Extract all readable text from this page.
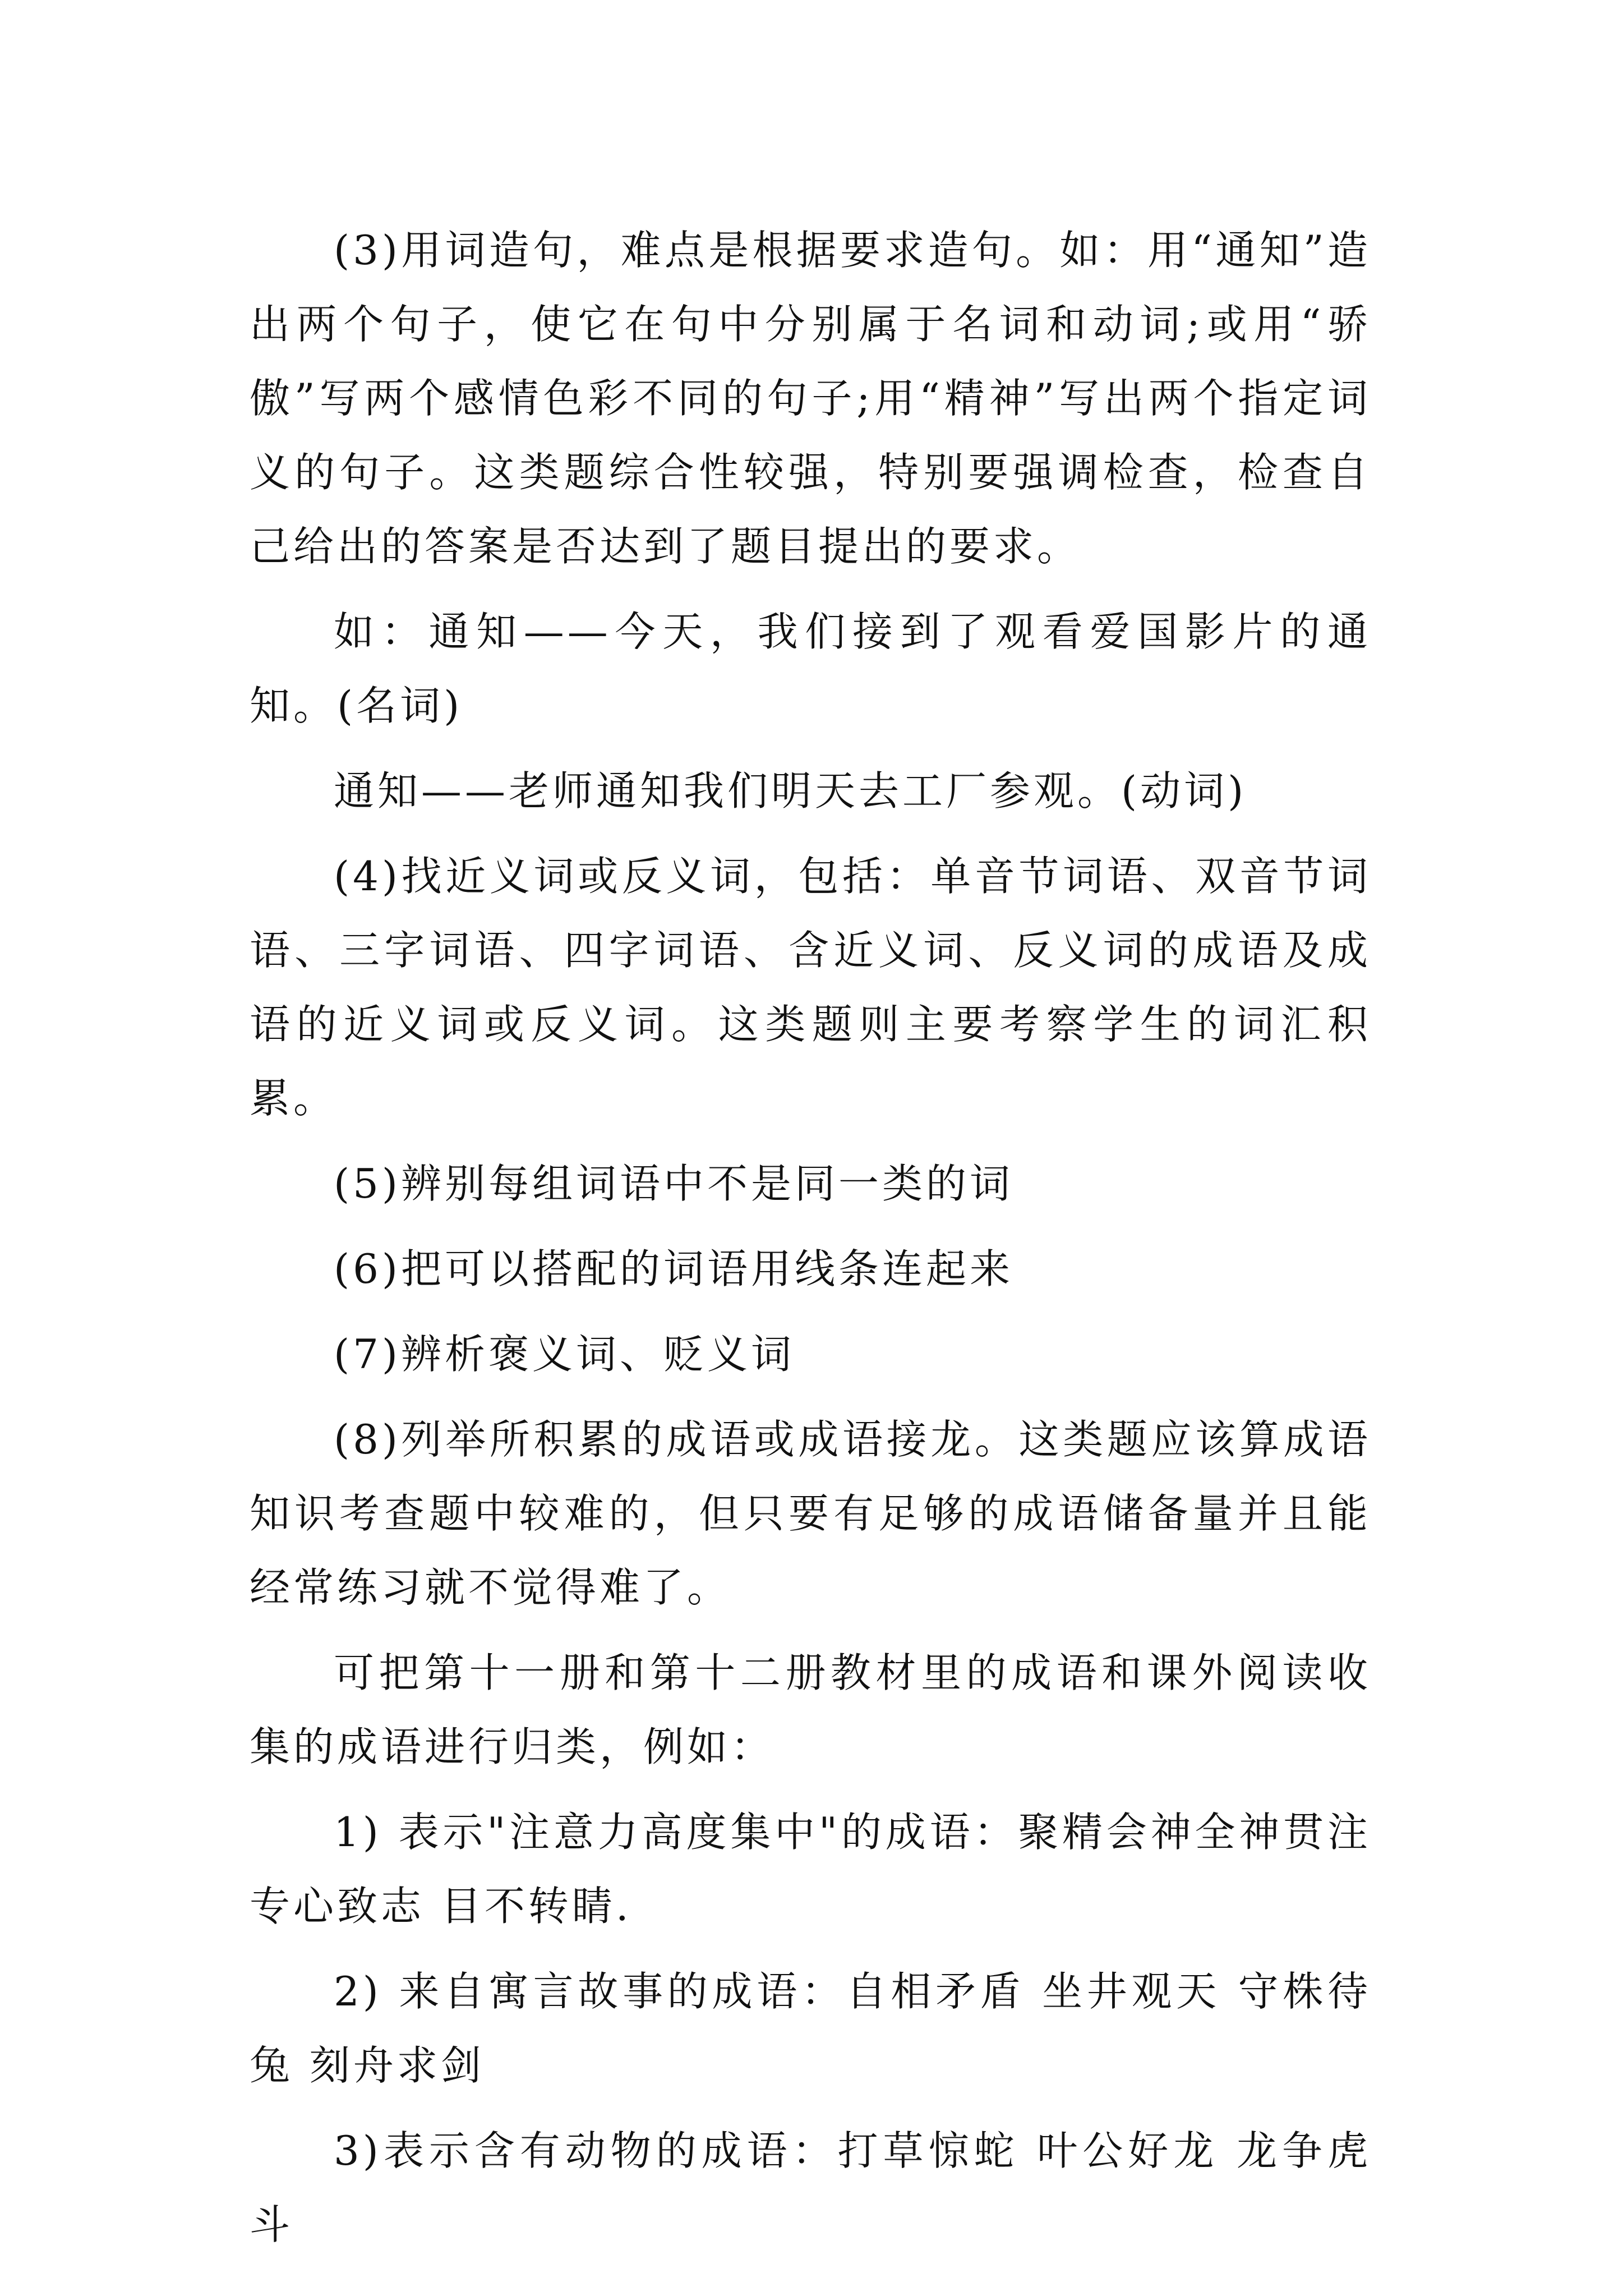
(3)用词造句，难点是根据要求造句。如：用“通知”造出两个句子，使它在句中分别属于名词和动词;或用“骄傲”写两个感情色彩不同的句子;用“精神”写出两个指定词义的句子。这类题综合性较强，特别要强调检查，检查自己给出的答案是否达到了题目提出的要求。

如：通知——今天，我们接到了观看爱国影片的通知。(名词)

通知——老师通知我们明天去工厂参观。(动词)

(4)找近义词或反义词，包括：单音节词语、双音节词语、三字词语、四字词语、含近义词、反义词的成语及成语的近义词或反义词。这类题则主要考察学生的词汇积累。

(5)辨别每组词语中不是同一类的词

(6)把可以搭配的词语用线条连起来

(7)辨析褒义词、贬义词

(8)列举所积累的成语或成语接龙。这类题应该算成语知识考查题中较难的，但只要有足够的成语储备量并且能经常练习就不觉得难了。

可把第十一册和第十二册教材里的成语和课外阅读收集的成语进行归类，例如：

1) 表示"注意力高度集中"的成语：聚精会神全神贯注专心致志 目不转睛.

2) 来自寓言故事的成语：自相矛盾 坐井观天 守株待兔 刻舟求剑

3)表示含有动物的成语：打草惊蛇 叶公好龙 龙争虎斗
